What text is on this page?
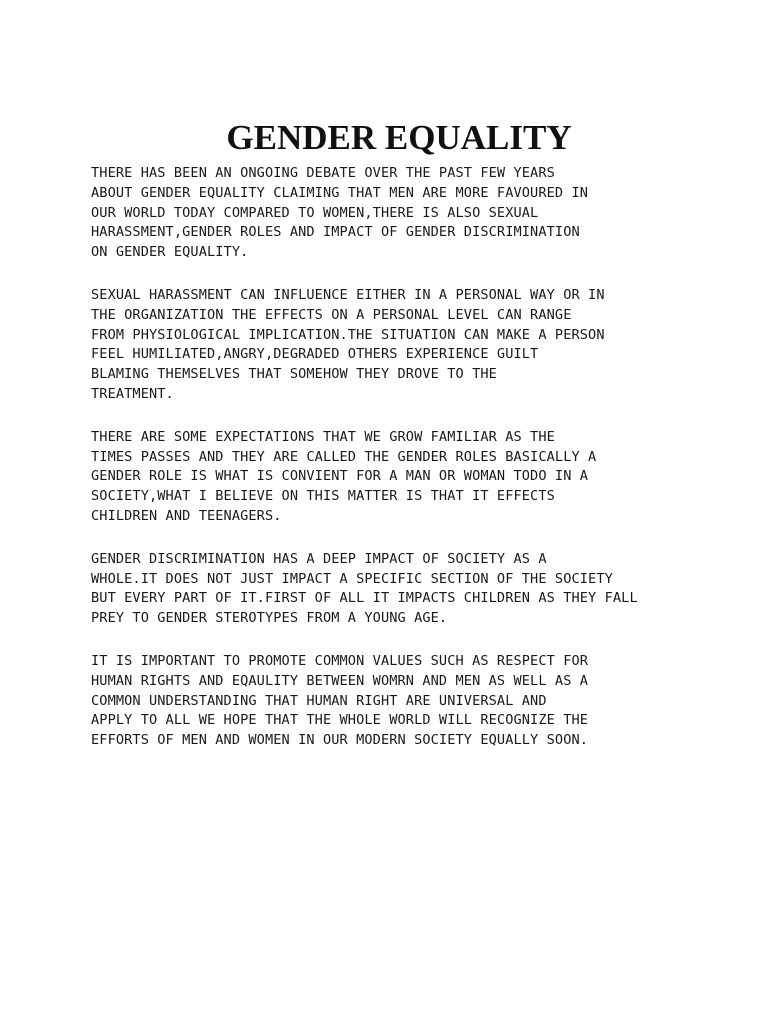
GENDER EQUALITY

THERE HAS BEEN AN ONGOING DEBATE OVER THE PAST FEW YEARS
ABOUT GENDER EQUALITY CLAIMING THAT MEN ARE MORE FAVOURED IN
OUR WORLD TODAY COMPARED TO WOMEN,THERE IS ALSO SEXUAL
HARASSMENT,GENDER ROLES AND IMPACT OF GENDER DISCRIMINATION
ON GENDER EQUALITY.

SEXUAL HARASSMENT CAN INFLUENCE EITHER IN A PERSONAL WAY OR IN
THE ORGANIZATION THE EFFECTS ON A PERSONAL LEVEL CAN RANGE
FROM PHYSIOLOGICAL IMPLICATION.THE SITUATION CAN MAKE A PERSON
FEEL HUMILIATED,ANGRY,DEGRADED OTHERS EXPERIENCE GUILT
BLAMING THEMSELVES THAT SOMEHOW THEY DROVE TO THE
TREATMENT.

THERE ARE SOME EXPECTATIONS THAT WE GROW FAMILIAR AS THE
TIMES PASSES AND THEY ARE CALLED THE GENDER ROLES BASICALLY A
GENDER ROLE IS WHAT IS CONVIENT FOR A MAN OR WOMAN TODO IN A
SOCIETY,WHAT I BELIEVE ON THIS MATTER IS THAT IT EFFECTS
CHILDREN AND TEENAGERS.

GENDER DISCRIMINATION HAS A DEEP IMPACT OF SOCIETY AS A
WHOLE.IT DOES NOT JUST IMPACT A SPECIFIC SECTION OF THE SOCIETY
BUT EVERY PART OF IT.FIRST OF ALL IT IMPACTS CHILDREN AS THEY FALL
PREY TO GENDER STEROTYPES FROM A YOUNG AGE.

IT IS IMPORTANT TO PROMOTE COMMON VALUES SUCH AS RESPECT FOR
HUMAN RIGHTS AND EQAULITY BETWEEN WOMRN AND MEN AS WELL AS A
COMMON UNDERSTANDING THAT HUMAN RIGHT ARE UNIVERSAL AND
APPLY TO ALL WE HOPE THAT THE WHOLE WORLD WILL RECOGNIZE THE
EFFORTS OF MEN AND WOMEN IN OUR MODERN SOCIETY EQUALLY SOON.
